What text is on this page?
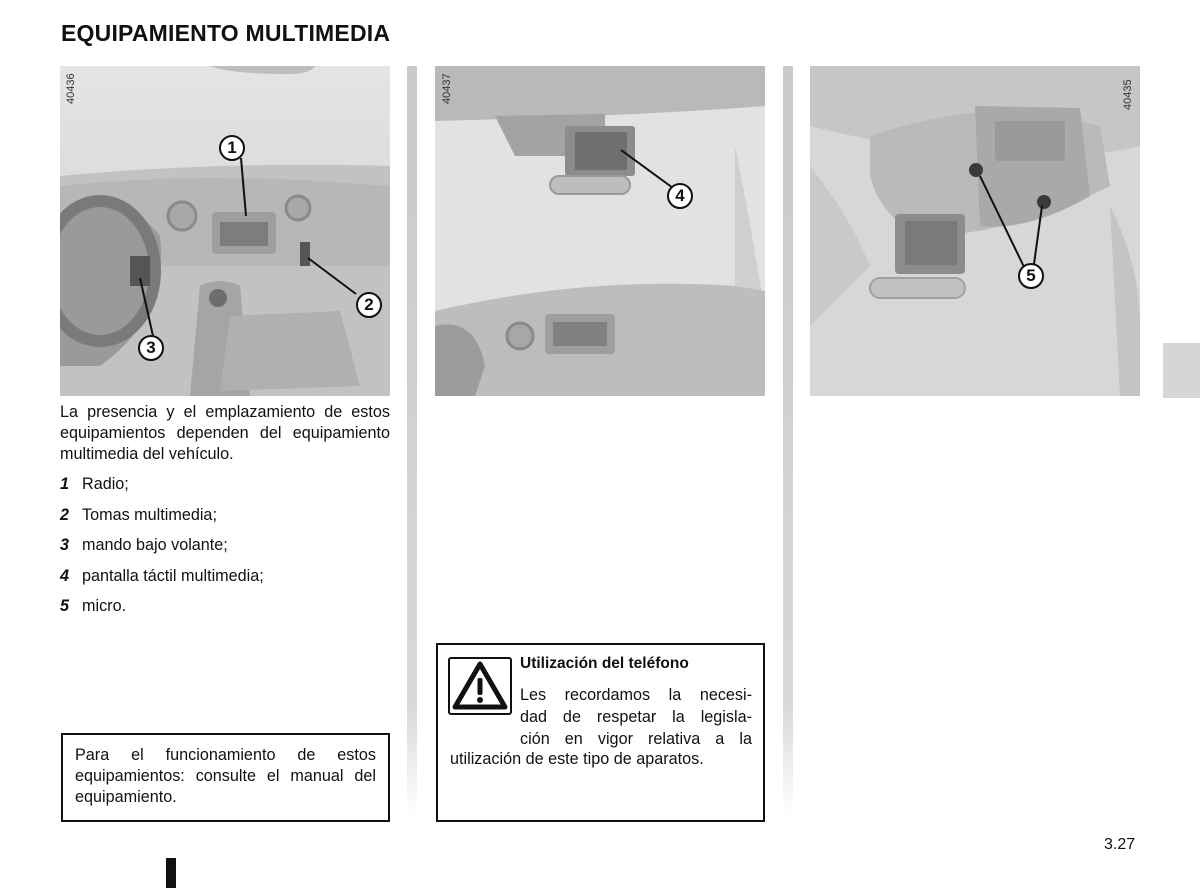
EQUIPAMIENTO MULTIMEDIA
40436
1
2
3
40437
4
40435
5
La presencia y el emplazamiento de estos equipamientos dependen del equipamiento multimedia del vehículo.
1 Radio;
2 Tomas multimedia;
3 mando bajo volante;
4 pantalla táctil multimedia;
5 micro.
Para el funcionamiento de estos equipamientos: consulte el manual del equipamiento.
Utilización del teléfono
Les recordamos la necesi-
dad de respetar la legisla-
ción en vigor relativa a la
utilización de este tipo de aparatos.
3.27
